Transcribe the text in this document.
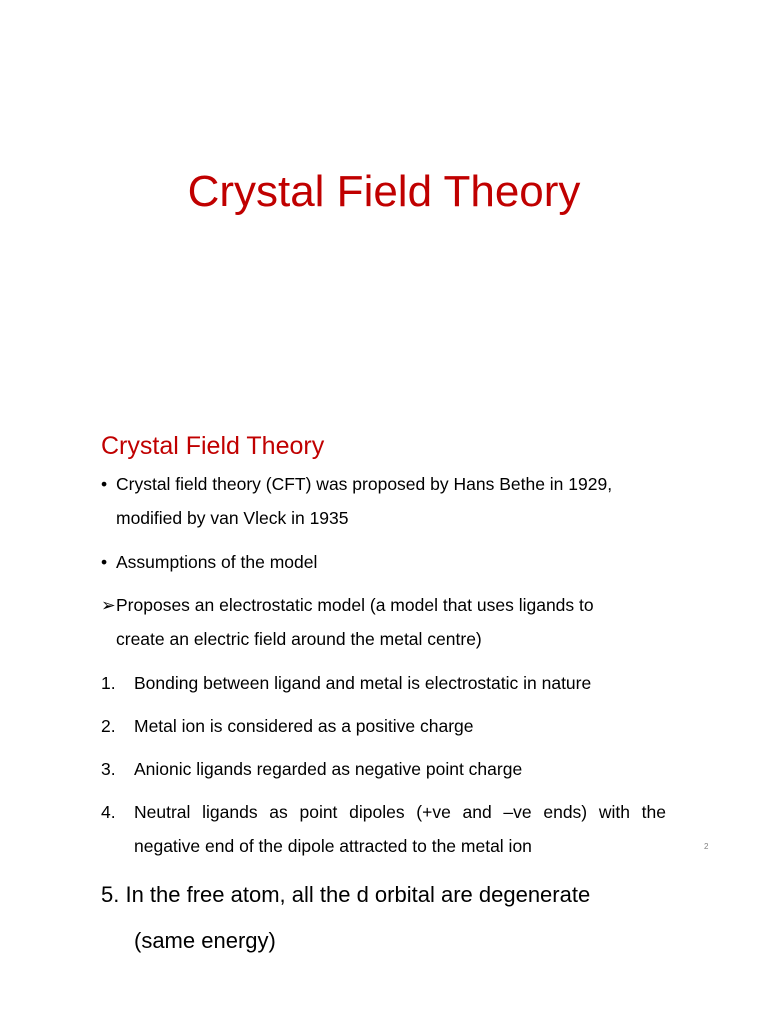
Crystal Field Theory
Crystal Field Theory
• Crystal field theory (CFT) was proposed by Hans Bethe in 1929,
modified by van Vleck in 1935
• Assumptions of the model
➢ Proposes an electrostatic model (a model that uses ligands to
create an electric field around the metal centre)
1.	Bonding between ligand and metal is electrostatic in nature
2.	Metal ion is considered as a positive charge
3.	Anionic ligands regarded as negative point charge
4.	Neutral ligands as point dipoles (+ve and –ve ends) with the
negative end of the dipole attracted to the metal ion	2
5. In the free atom, all the d orbital are degenerate
(same energy)
